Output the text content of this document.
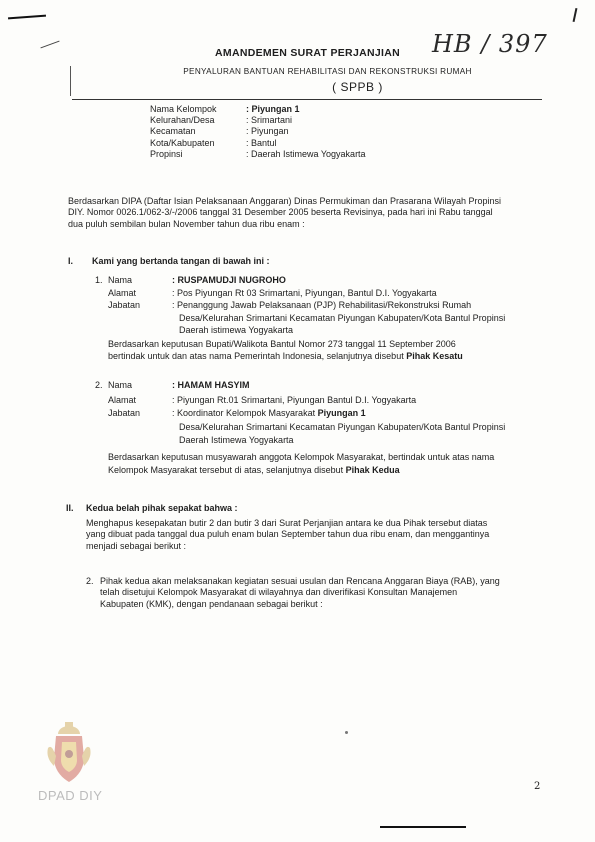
AMANDEMEN SURAT PERJANJIAN
PENYALURAN BANTUAN REHABILITASI DAN REKONSTRUKSI RUMAH
( SPPB )
HB / 397
Nama Kelompok	: Piyungan 1
Kelurahan/Desa	: Srimartani
Kecamatan	: Piyungan
Kota/Kabupaten	: Bantul
Propinsi	: Daerah Istimewa Yogyakarta
Berdasarkan DIPA (Daftar Isian Pelaksanaan Anggaran) Dinas Permukiman dan Prasarana Wilayah Propinsi
DIY. Nomor 0026.1/062-3/-/2006 tanggal 31 Desember 2005 beserta Revisinya, pada hari ini Rabu tanggal
dua puluh sembilan bulan November tahun dua ribu enam :
I. Kami yang bertanda tangan di bawah ini :
1. Nama	: RUSPAMUDJI NUGROHO
Alamat	: Pos Piyungan Rt 03 Srimartani, Piyungan, Bantul D.I. Yogyakarta
Jabatan	: Penanggung Jawab Pelaksanaan (PJP) Rehabilitasi/Rekonstruksi Rumah
Desa/Kelurahan Srimartani Kecamatan Piyungan Kabupaten/Kota Bantul Propinsi
Daerah istimewa Yogyakarta
Berdasarkan keputusan Bupati/Walikota Bantul Nomor 273 tanggal 11 September 2006
bertindak untuk dan atas nama Pemerintah Indonesia, selanjutnya disebut Pihak Kesatu
2. Nama	: HAMAM HASYIM
Alamat	: Piyungan Rt.01 Srimartani, Piyungan Bantul D.I. Yogyakarta
Jabatan	: Koordinator Kelompok Masyarakat Piyungan 1
Desa/Kelurahan Srimartani Kecamatan Piyungan Kabupaten/Kota Bantul Propinsi
Daerah Istimewa Yogyakarta
Berdasarkan keputusan musyawarah anggota Kelompok Masyarakat, bertindak untuk atas nama
Kelompok Masyarakat tersebut di atas, selanjutnya disebut Pihak Kedua
II. Kedua belah pihak sepakat bahwa :
Menghapus kesepakatan butir 2 dan butir 3 dari Surat Perjanjian antara ke dua Pihak tersebut diatas
yang dibuat pada tanggal dua puluh enam bulan September tahun dua ribu enam, dan menggantinya
menjadi sebagai berikut :
2. Pihak kedua akan melaksanakan kegiatan sesuai usulan dan Rencana Anggaran Biaya (RAB), yang
telah disetujui Kelompok Masyarakat di wilayahnya dan diverifikasi Konsultan Manajemen
Kabupaten (KMK), dengan pendanaan sebagai berikut :
DPAD DIY
2
